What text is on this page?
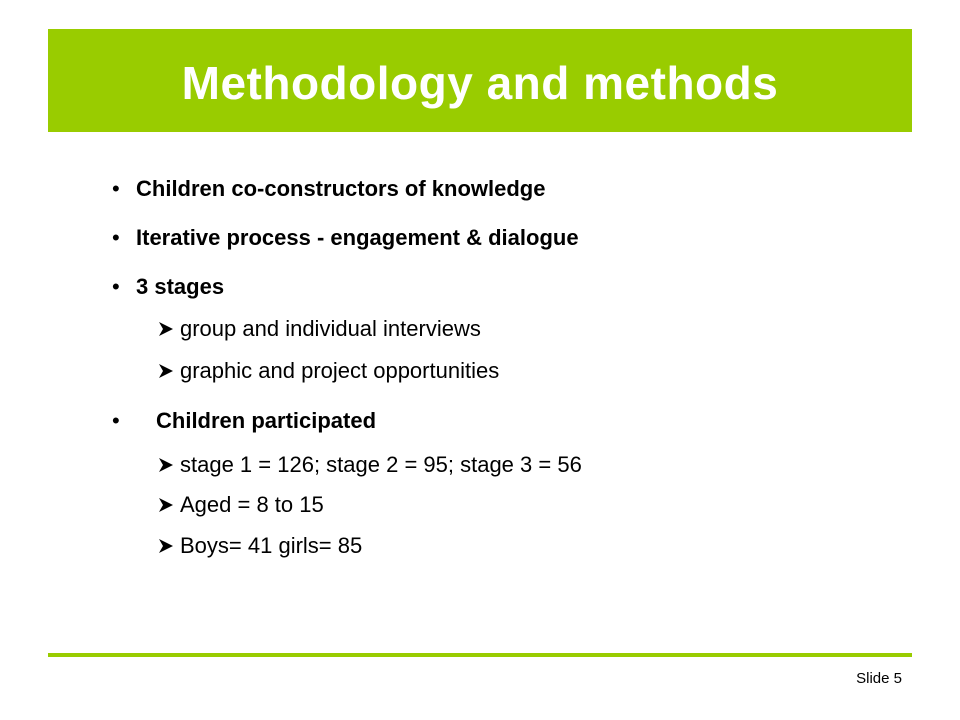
Methodology and methods
• Children co-constructors of knowledge
• Iterative process - engagement & dialogue
• 3 stages
group and individual interviews
graphic and project opportunities
•	Children participated
stage 1 = 126; stage 2 = 95; stage 3 = 56
Aged = 8 to 15
Boys= 41 girls= 85
Slide 5
